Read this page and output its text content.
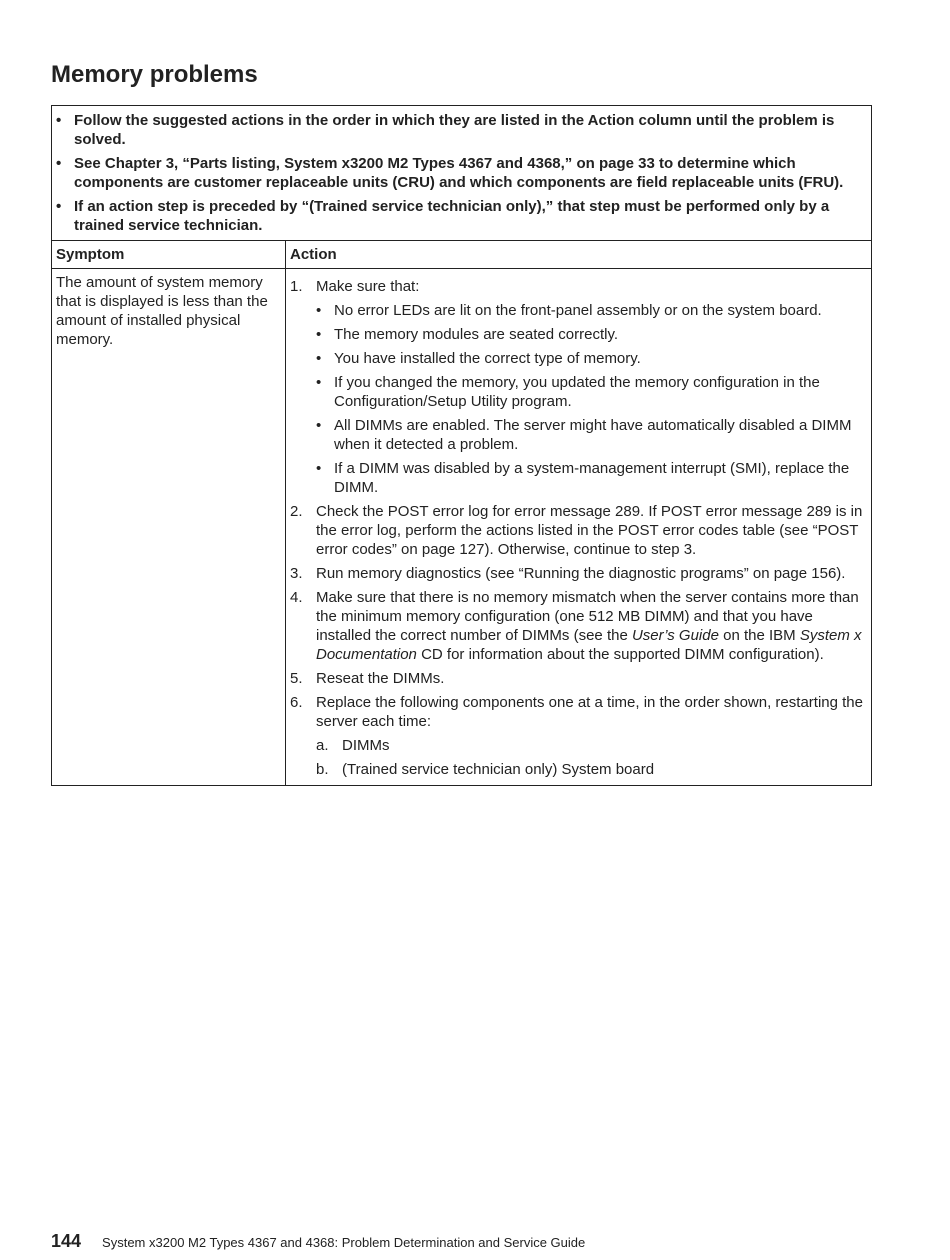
Memory problems
• Follow the suggested actions in the order in which they are listed in the Action column until the problem is solved.
• See Chapter 3, “Parts listing, System x3200 M2 Types 4367 and 4368,” on page 33 to determine which components are customer replaceable units (CRU) and which components are field replaceable units (FRU).
• If an action step is preceded by “(Trained service technician only),” that step must be performed only by a trained service technician.
Symptom	Action
The amount of system memory that is displayed is less than the amount of installed physical memory.
1. Make sure that:
• No error LEDs are lit on the front-panel assembly or on the system board.
• The memory modules are seated correctly.
• You have installed the correct type of memory.
• If you changed the memory, you updated the memory configuration in the Configuration/Setup Utility program.
• All DIMMs are enabled. The server might have automatically disabled a DIMM when it detected a problem.
• If a DIMM was disabled by a system-management interrupt (SMI), replace the DIMM.
2. Check the POST error log for error message 289. If POST error message 289 is in the error log, perform the actions listed in the POST error codes table (see “POST error codes” on page 127). Otherwise, continue to step 3.
3. Run memory diagnostics (see “Running the diagnostic programs” on page 156).
4. Make sure that there is no memory mismatch when the server contains more than the minimum memory configuration (one 512 MB DIMM) and that you have installed the correct number of DIMMs (see the User’s Guide on the IBM System x Documentation CD for information about the supported DIMM configuration).
5. Reseat the DIMMs.
6. Replace the following components one at a time, in the order shown, restarting the server each time:
a. DIMMs
b. (Trained service technician only) System board
144 System x3200 M2 Types 4367 and 4368: Problem Determination and Service Guide
